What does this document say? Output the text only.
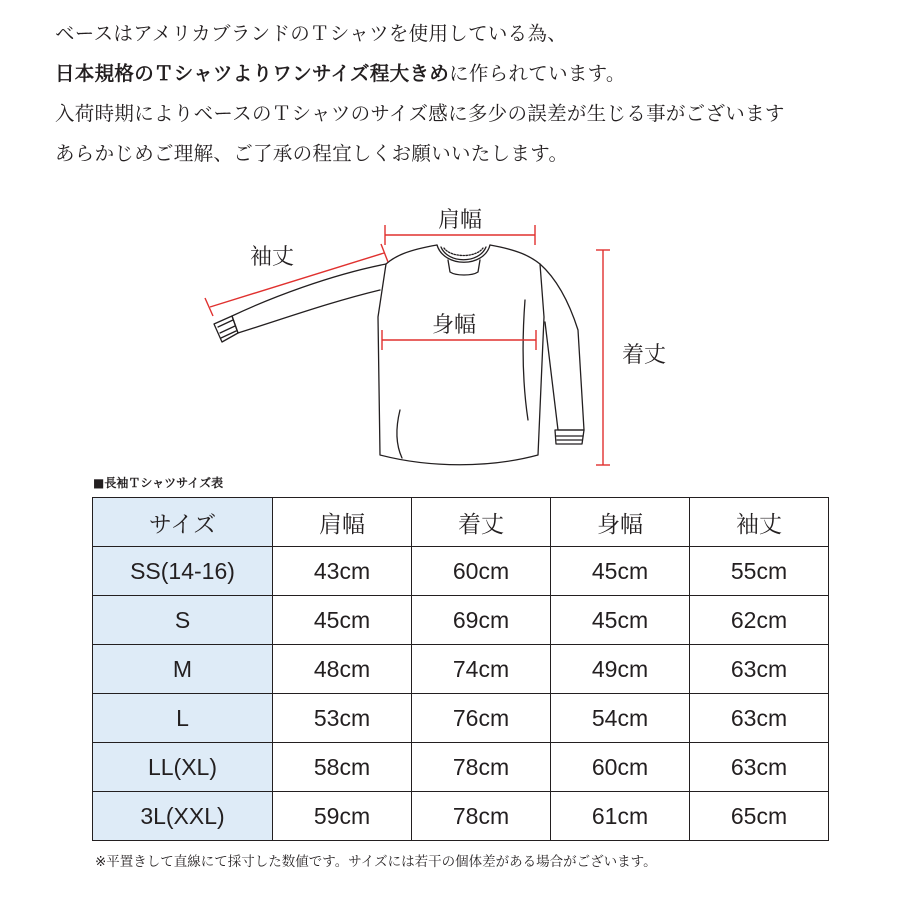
ベースはアメリカブランドのＴシャツを使用している為、

日本規格のＴシャツよりワンサイズ程大きめに作られています。

入荷時期によりベースのＴシャツのサイズ感に多少の誤差が生じる事がございます

あらかじめご理解、ご了承の程宜しくお願いいたします。

肩幅
袖丈
身幅
着丈
■長袖Ｔシャツサイズ表
サイズ	肩幅	着丈	身幅	袖丈
SS(14-16)	43cm	60cm	45cm	55cm
S	45cm	69cm	45cm	62cm
M	48cm	74cm	49cm	63cm
L	53cm	76cm	54cm	63cm
LL(XL)	58cm	78cm	60cm	63cm
3L(XXL)	59cm	78cm	61cm	65cm
※平置きして直線にて採寸した数値です。サイズには若干の個体差がある場合がございます。
